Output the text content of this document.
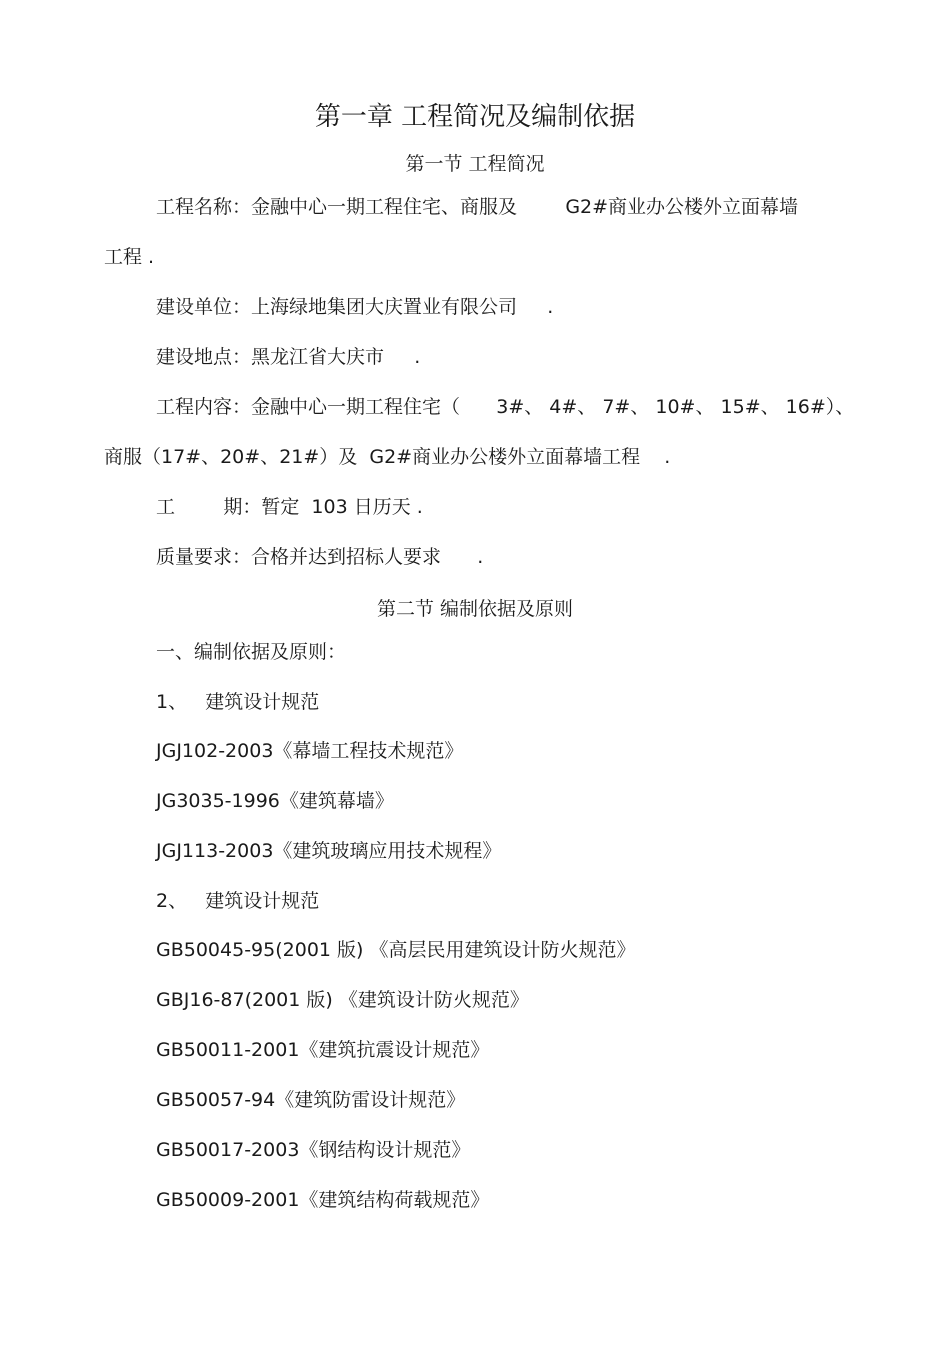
第一章 工程简况及编制依据
第一节 工程简况
工程名称：金融中心一期工程住宅、商服及        G2#商业办公楼外立面幕墙
工程 .
建设单位：上海绿地集团大庆置业有限公司     .
建设地点：黑龙江省大庆市     .
工程内容：金融中心一期工程住宅（      3#、 4#、 7#、 10#、 15#、 16#）、
商服（17#、20#、21#）及  G2#商业办公楼外立面幕墙工程    .
工        期：暂定  103 日历天 .
质量要求：合格并达到招标人要求      .
第二节 编制依据及原则
一、编制依据及原则：
1、   建筑设计规范
JGJ102-2003《幕墙工程技术规范》
JG3035-1996《建筑幕墙》
JGJ113-2003《建筑玻璃应用技术规程》
2、   建筑设计规范
GB50045-95(2001 版) 《高层民用建筑设计防火规范》
GBJ16-87(2001 版) 《建筑设计防火规范》
GB50011-2001《建筑抗震设计规范》
GB50057-94《建筑防雷设计规范》
GB50017-2003《钢结构设计规范》
GB50009-2001《建筑结构荷载规范》
